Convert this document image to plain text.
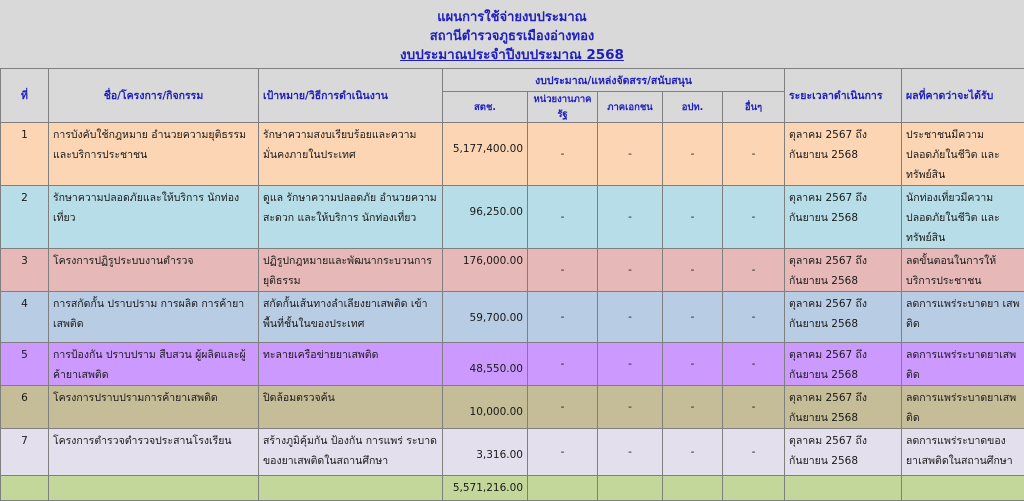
แผนการใช้จ่ายงบประมาณ
สถานีตำรวจภูธรเมืองอ่างทอง
งบประมาณประจำปีงบประมาณ 2568
ที่	ชื่อ/โครงการ/กิจกรรม	เป้าหมาย/วิธีการดำเนินงาน	งบประมาณ/แหล่งจัดสรร/สนับสนุน					ระยะเวลาดำเนินการ	ผลที่คาดว่าจะได้รับ
			สตช.	หน่วยงานภาครัฐ	ภาคเอกชน	อปท.	อื่นๆ		

1	การบังคับใช้กฎหมาย อำนวยความยุติธรรม และบริการประชาชน	รักษาความสงบเรียบร้อยและความ มั่นคงภายในประเทศ	5,177,400.00	-	-	-	-	ตุลาคม 2567 ถึงกันยายน 2568	ประชาชนมีความปลอดภัยในชีวิต และทรัพย์สิน

2	รักษาความปลอดภัยและให้บริการ นักท่องเที่ยว	ดูแล รักษาความปลอดภัย อำนวยความสะดวก และให้บริการ นักท่องเที่ยว	96,250.00	-	-	-	-	ตุลาคม 2567 ถึงกันยายน 2568	นักท่องเที่ยวมีความปลอดภัยในชีวิต และทรัพย์สิน

3	โครงการปฏิรูประบบงานตำรวจ	ปฏิรูปกฎหมายและพัฒนากระบวนการยุติธรรม	176,000.00	-	-	-	-	ตุลาคม 2567 ถึงกันยายน 2568	ลดขั้นตอนในการให้บริการประชาชน

4	การสกัดกั้น ปราบปราม การผลิต การค้ายา เสพติด	สกัดกั้นเส้นทางลำเลียงยาเสพติด เข้าพื้นที่ชั้นในของประเทศ	59,700.00	-	-	-	-	ตุลาคม 2567 ถึงกันยายน 2568	ลดการแพร่ระบาดยา เสพติด

5	การป้องกัน ปราบปราม สืบสวน ผู้ผลิตและผู้ค้ายาเสพติด	ทะลายเครือข่ายยาเสพติด	48,550.00	-	-	-	-	ตุลาคม 2567 ถึงกันยายน 2568	ลดการแพร่ระบาดยาเสพติด

6	โครงการปราบปรามการค้ายาเสพติด	ปิดล้อมตรวจค้น	10,000.00	-	-	-	-	ตุลาคม 2567 ถึงกันยายน 2568	ลดการแพร่ระบาดยาเสพติด

7	โครงการตำรวจตำรวจประสานโรงเรียน	สร้างภูมิคุ้มกัน ป้องกัน การแพร่ ระบาดของยาเสพติดในสถานศึกษา	3,316.00	-	-	-	-	ตุลาคม 2567 ถึงกันยายน 2568	ลดการแพร่ระบาดของ ยาเสพติดในสถานศึกษา

			5,571,216.00						
